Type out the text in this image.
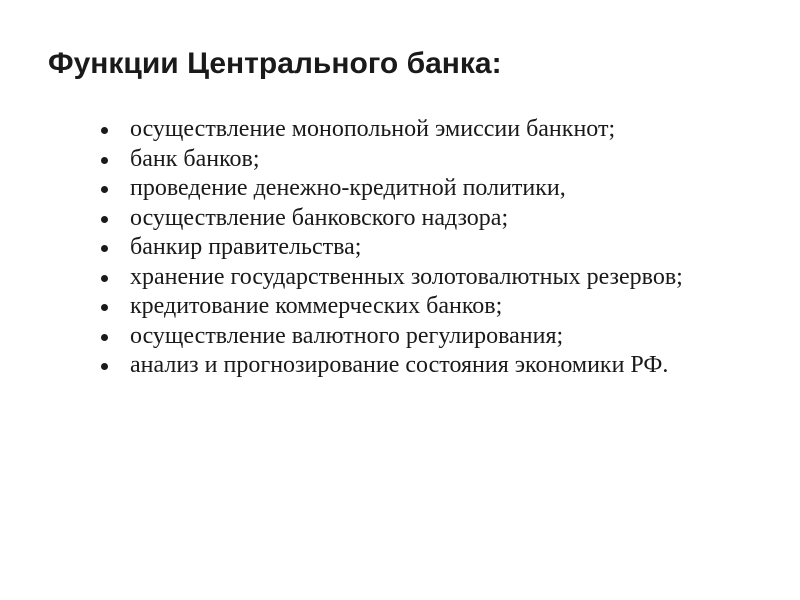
Функции Центрального банка:
осуществление монопольной эмиссии банкнот;
банк банков;
проведение денежно-кредитной политики,
осуществление банковского надзора;
банкир правительства;
хранение государственных золотовалютных резервов;
кредитование коммерческих банков;
осуществление валютного регулирования;
анализ и прогнозирование состояния экономики РФ.
